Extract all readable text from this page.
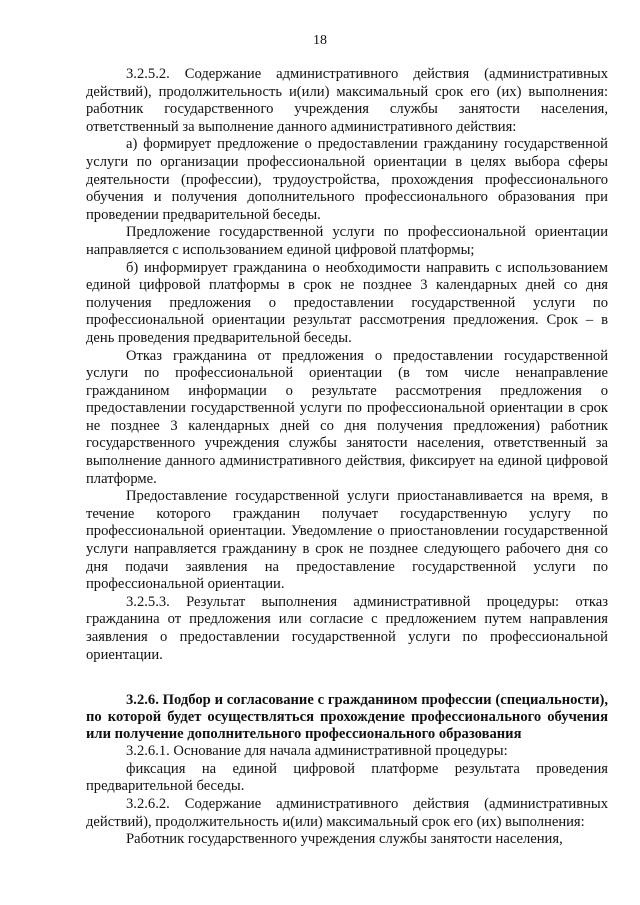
18

3.2.5.2. Содержание административного действия (административных действий), продолжительность и(или) максимальный срок его (их) выполнения: работник государственного учреждения службы занятости населения, ответственный за выполнение данного административного действия:

а) формирует предложение о предоставлении гражданину государственной услуги по организации профессиональной ориентации в целях выбора сферы деятельности (профессии), трудоустройства, прохождения профессионального обучения и получения дополнительного профессионального образования при проведении предварительной беседы.

Предложение государственной услуги по профессиональной ориентации направляется с использованием единой цифровой платформы;

б) информирует гражданина о необходимости направить с использованием единой цифровой платформы в срок не позднее 3 календарных дней со дня получения предложения о предоставлении государственной услуги по профессиональной ориентации результат рассмотрения предложения. Срок – в день проведения предварительной беседы.

Отказ гражданина от предложения о предоставлении государственной услуги по профессиональной ориентации (в том числе ненаправление гражданином информации о результате рассмотрения предложения о предоставлении государственной услуги по профессиональной ориентации в срок не позднее 3 календарных дней со дня получения предложения) работник государственного учреждения службы занятости населения, ответственный за выполнение данного административного действия, фиксирует на единой цифровой платформе.

Предоставление государственной услуги приостанавливается на время, в течение которого гражданин получает государственную услугу по профессиональной ориентации. Уведомление о приостановлении государственной услуги направляется гражданину в срок не позднее следующего рабочего дня со дня подачи заявления на предоставление государственной услуги по профессиональной ориентации.

3.2.5.3. Результат выполнения административной процедуры: отказ гражданина от предложения или согласие с предложением путем направления заявления о предоставлении государственной услуги по профессиональной ориентации.

3.2.6. Подбор и согласование с гражданином профессии (специальности), по которой будет осуществляться прохождение профессионального обучения или получение дополнительного профессионального образования

3.2.6.1. Основание для начала административной процедуры:

фиксация на единой цифровой платформе результата проведения предварительной беседы.

3.2.6.2. Содержание административного действия (административных действий), продолжительность и(или) максимальный срок его (их) выполнения:

Работник государственного учреждения службы занятости населения,
